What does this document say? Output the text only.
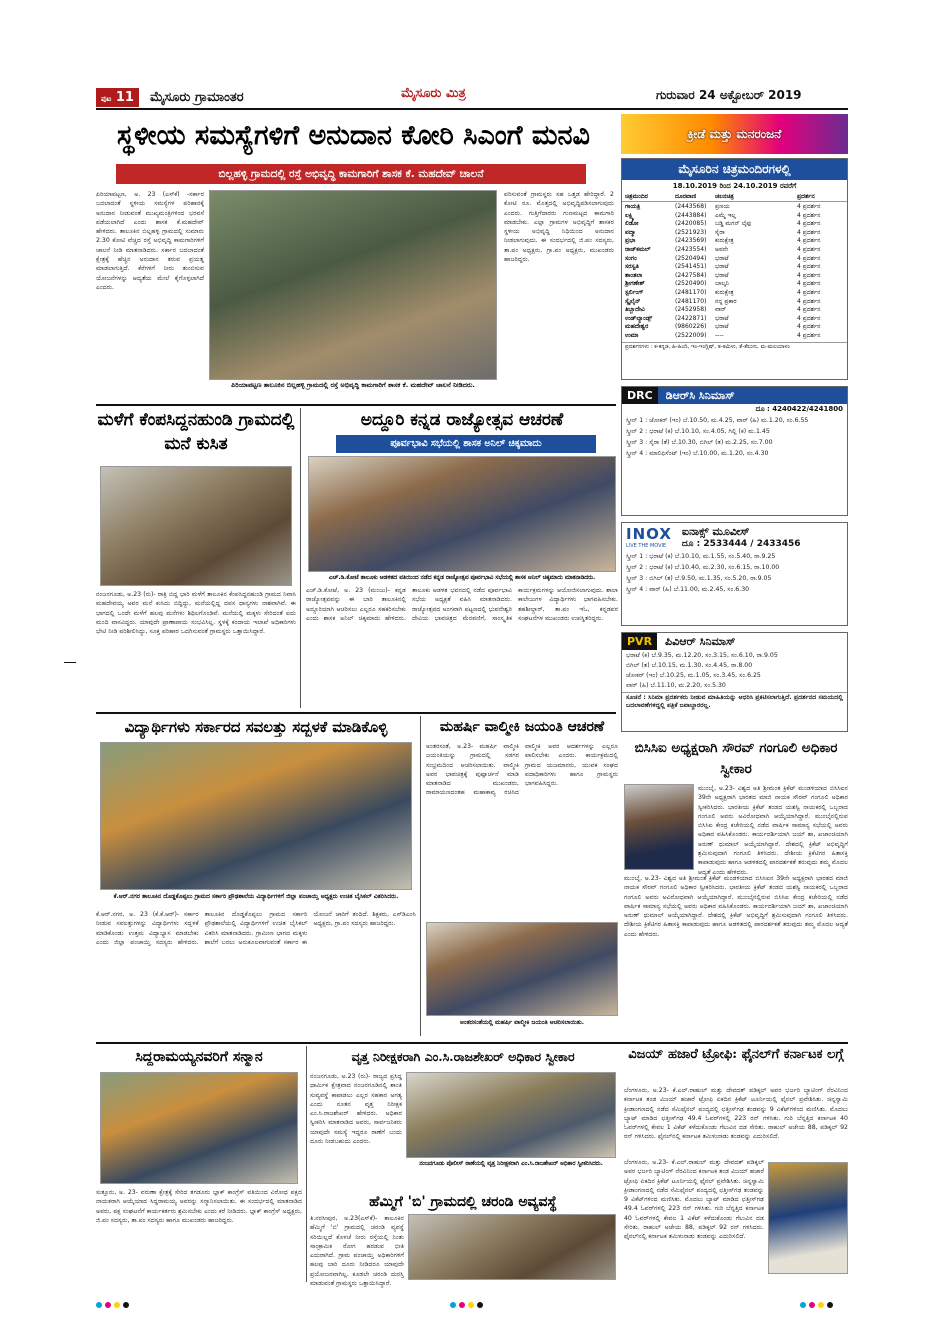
ಪುಟ 11 ಮೈಸೂರು ಗ್ರಾಮಾಂತರ	ಮೈಸೂರು ಮಿತ್ರ	ಗುರುವಾರ 24 ಅಕ್ಟೋಬರ್ 2019
ಸ್ಥಳೀಯ ಸಮಸ್ಯೆಗಳಿಗೆ ಅನುದಾನ ಕೋರಿ ಸಿಎಂಗೆ ಮನವಿ
ಬಿಲ್ಲಹಳ್ಳಿ ಗ್ರಾಮದಲ್ಲಿ ರಸ್ತೆ ಅಭಿವೃದ್ಧಿ ಕಾಮಗಾರಿಗೆ ಶಾಸಕ ಕೆ. ಮಹದೇವ್ ಚಾಲನೆ
ಪಿರಿಯಾಪಟ್ಟಣ, ಅ. 23 (ಎಸ್‍ಕೆ) -ಸರ್ಕಾರ ಬದಲಾದಂತೆ ಸ್ಥಳೀಯ ಸಮಸ್ಯೆಗಳ ಪರಿಹಾರಕ್ಕೆ ಅನುದಾನ ನೀಡುವಂತೆ ಮುಖ್ಯಮಂತ್ರಿಗಳಿಂದ ಭರವಸೆ ಪಡೆಯಲಾಗಿದೆ ಎಂದು ಶಾಸಕ ಕೆ.ಮಹದೇವ್ ಹೇಳಿದರು. ತಾಲೂಕಿನ ಬಿಲ್ಲಹಳ್ಳಿ ಗ್ರಾಮದಲ್ಲಿ ಸುಮಾರು 2.30 ಕೋಟಿ ವೆಚ್ಚದ ರಸ್ತೆ ಅಭಿವೃದ್ಧಿ ಕಾಮಗಾರಿಗಳಿಗೆ ಚಾಲನೆ ನೀಡಿ ಮಾತನಾಡಿದರು. ಸರ್ಕಾರ ಬದಲಾದಂತೆ ಕ್ಷೇತ್ರಕ್ಕೆ ಹೆಚ್ಚಿನ ಅನುದಾನ ತರುವ ಪ್ರಯತ್ನ ಮಾಡಲಾಗುತ್ತಿದೆ. ಕೆರೆಗಳಿಗೆ ನೀರು ತುಂಬಿಸುವ ಯೋಜನೆಗಳನ್ನು ಆದ್ಯತೆಯ ಮೇಲೆ ಕೈಗೊಳ್ಳಲಾಗಿದೆ ಎಂದರು.
ಪಿರಿಯಾಪಟ್ಟಣ ತಾಲೂಕಿನ ಬಿಲ್ಲಹಳ್ಳಿ ಗ್ರಾಮದಲ್ಲಿ ರಸ್ತೆ ಅಭಿವೃದ್ಧಿ ಕಾಮಗಾರಿಗೆ ಶಾಸಕ ಕೆ. ಮಹದೇವ್ ಚಾಲನೆ ನೀಡಿದರು.
ಪರಿಸುವಂತೆ ಗ್ರಾಮಸ್ಥರು ಸಹ ಒತ್ತಡ ಹೇರಿದ್ದಾರೆ. 2 ಕೋಟಿ ರೂ. ಮೊತ್ತದಲ್ಲಿ ಅಭಿವೃದ್ಧಿಪಡಿಸಲಾಗುವುದು ಎಂದರು. ಗುತ್ತಿಗೆದಾರರು ಗುಣಮಟ್ಟದ ಕಾಮಗಾರಿ ಮಾಡಬೇಕು. ಎಲ್ಲಾ ಗ್ರಾಮಗಳ ಅಭಿವೃದ್ಧಿಗೆ ಶಾಸಕರ ಸ್ಥಳೀಯ ಅಭಿವೃದ್ಧಿ ನಿಧಿಯಿಂದ ಅನುದಾನ ನೀಡಲಾಗುವುದು. ಈ ಸಂದರ್ಭದಲ್ಲಿ ಜಿ.ಪಂ ಸದಸ್ಯರು, ತಾ.ಪಂ ಅಧ್ಯಕ್ಷರು, ಗ್ರಾ.ಪಂ ಅಧ್ಯಕ್ಷರು, ಮುಖಂಡರು ಹಾಜರಿದ್ದರು.
ಕ್ರೀಡೆ ಮತ್ತು ಮನರಂಜನೆ
ಮೈಸೂರಿನ ಚಿತ್ರಮಂದಿರಗಳಲ್ಲಿ
18.10.2019 ರಿಂದ 24.10.2019 ರವರೆಗೆ
ಚಿತ್ರಮಂದಿರ	ದೂರವಾಣಿ	ಚಲನಚಿತ್ರ	ಪ್ರದರ್ಶನ
ಗಾಯತ್ರಿ	(2443568)	ಪ್ರಣಯ	4 ಪ್ರದರ್ಶನ
ಲಕ್ಷ್ಮಿ	(2443884)	ಎಮ್ಮೆ ಇಲ್ಲ	4 ಪ್ರದರ್ಶನ
ಲಿಡೋ	(2420085)	ಬಡ್ಡಿ ಮಗನ್ ಲೈಫು	4 ಪ್ರದರ್ಶನ
ಪದ್ಮಾ	(2521923)	ಸೈರಾ	4 ಪ್ರದರ್ಶನ
ಪ್ರಭಾ	(2423569)	ಕುರುಕ್ಷೇತ್ರ	4 ಪ್ರದರ್ಶನ
ರಾಜ್‌ಕಮಲ್	(2423554)	ಅವನೇ	4 ಪ್ರದರ್ಶನ
ಸಂಗಂ	(2520494)	ಭರಾಟೆ	4 ಪ್ರದರ್ಶನ
ಸರಸ್ವತಿ	(2541451)	ಭರಾಟೆ	4 ಪ್ರದರ್ಶನ
ಶಾಂತಲಾ	(2427584)	ಭರಾಟೆ	4 ಪ್ರದರ್ಶನ
ಶ್ರೀಗಣೇಶ್	(2520490)	ಬಾಲ್ಕನಿ	4 ಪ್ರದರ್ಶನ
ಸ್ಟರ್ಲಿಂಗ್	(2481170)	ಕುರುಕ್ಷೇತ್ರ	4 ಪ್ರದರ್ಶನ
ಸ್ಕೈಲೈನ್	(2481170)	ನನ್ನ ಪ್ರಕಾರ	4 ಪ್ರದರ್ಶನ
ತಿಬ್ಬಾದೇವಿ	(2452958)	ವಾರ್	4 ಪ್ರದರ್ಶನ
ಉಡ್‌ಲ್ಯಾಂಡ್ಸ್	(2422871)	ಭರಾಟೆ	4 ಪ್ರದರ್ಶನ
ಮಹದೇಶ್ವರ	(9860226)	ಭರಾಟೆ	4 ಪ್ರದರ್ಶನ
ಉಮಾ	(2522009)	----	4 ಪ್ರದರ್ಶನ
ಪ್ರದರ್ಶನಗಳು : ಕ-ಕನ್ನಡ, ಹಿ-ಹಿಂದಿ, ಇಂ-ಇಂಗ್ಲಿಷ್, ತ-ತಮಿಳು, ತೆ-ತೆಲುಗು, ಮ-ಮಲಯಾಳಂ
DRC	ಡಿಆರ್‌ಸಿ ಸಿನಿಮಾಸ್
ದೂ : 4240422/4241800
ಸ್ಕ್ರೀನ್ 1 : ಜೋಕರ್ (ಇಂ) ಬೆ.10.50, ಮ.4.25, ವಾರ್ (ಹಿ) ಮ.1.20, ಸಂ.6.55
ಸ್ಕ್ರೀನ್ 2 : ಭರಾಟೆ (ಕ) ಬೆ.10.10, ಸಂ.4.05, ಗಿಲ್ಲಿ (ಕ) ಮ.1.45
ಸ್ಕ್ರೀನ್ 3 : ಸೈರಾ (ತೆ) ಬೆ.10.30, ಬಿಗಿಲ್ (ತ) ಮ.2.25, ಸಂ.7.00
ಸ್ಕ್ರೀನ್ 4 : ಮಾಲಿಫಿಸೆಂಟ್ (ಇಂ) ಬೆ.10.00, ಮ.1.20, ಸಂ.4.30
INOX
LIVE THE MOVIE
ಐನಾಕ್ಸ್ ಮೂವೀಸ್
ದೂ : 2533444 / 2433456
ಸ್ಕ್ರೀನ್ 1 : ಭರಾಟೆ (ಕ) ಬೆ.10.10, ಮ.1.55, ಸಂ.5.40, ರಾ.9.25
ಸ್ಕ್ರೀನ್ 2 : ಭರಾಟೆ (ಕ) ಬೆ.10.40, ಮ.2.30, ಸಂ.6.15, ರಾ.10.00
ಸ್ಕ್ರೀನ್ 3 : ಬಿಗಿಲ್ (ತ) ಬೆ.9.50, ಮ.1.35, ಸಂ.5.20, ರಾ.9.05
ಸ್ಕ್ರೀನ್ 4 : ವಾರ್ (ಹಿ) ಬೆ.11.00, ಮ.2.45, ಸಂ.6.30
PVR	ಪಿವಿಆರ್ ಸಿನಿಮಾಸ್
ಭರಾಟೆ (ಕ) ಬೆ.9.35, ಮ.12.20, ಸಂ.3.15, ಸಂ.6.10, ರಾ.9.05
ಬಿಗಿಲ್ (ತ) ಬೆ.10.15, ಮ.1.30, ಸಂ.4.45, ರಾ.8.00
ಜೋಕರ್ (ಇಂ) ಬೆ.10.25, ಮ.1.05, ಸಂ.3.45, ಸಂ.6.25
ವಾರ್ (ಹಿ) ಬೆ.11.10, ಮ.2.20, ಸಂ.5.30
ಸೂಚನೆ : ಸಿನಿಮಾ ಪ್ರದರ್ಶಕರು ನೀಡುವ ಮಾಹಿತಿಯನ್ನು ಆಧರಿಸಿ ಪ್ರಕಟಿಸಲಾಗುತ್ತಿದೆ. ಪ್ರದರ್ಶನದ ಸಮಯದಲ್ಲಿ ಬದಲಾವಣೆಗಳಿದ್ದಲ್ಲಿ ಪತ್ರಿಕೆ ಜವಾಬ್ದಾರರಲ್ಲ.
ಮಳೆಗೆ ಕೆಂಪಸಿದ್ದನಹುಂಡಿ ಗ್ರಾಮದಲ್ಲಿ ಮನೆ ಕುಸಿತ
ನಂಜನಗೂಡು, ಅ.23 (ರು)- ರಾತ್ರಿ ಬಿದ್ದ ಭಾರಿ ಮಳೆಗೆ ತಾಲೂಕಿನ ಕೆಂಪಸಿದ್ದನಹುಂಡಿ ಗ್ರಾಮದ ನಿವಾಸಿ ಮಹದೇವಯ್ಯ ಅವರ ಮನೆ ಕುಸಿದು ಬಿದ್ದಿದ್ದು, ಮನೆಯಲ್ಲಿದ್ದ ದವಸ ಧಾನ್ಯಗಳು ನಾಶವಾಗಿವೆ. ಈ ಭಾಗದಲ್ಲಿ ಒಂದೇ ಮಳೆಗೆ ಹಲವು ಮನೆಗಳು ಶಿಥಿಲಗೊಂಡಿವೆ. ಮನೆಯಲ್ಲಿ ಮಕ್ಕಳು ಸೇರಿದಂತೆ ಐದು ಮಂದಿ ವಾಸವಿದ್ದರು. ಯಾವುದೇ ಪ್ರಾಣಾಪಾಯ ಸಂಭವಿಸಿಲ್ಲ. ಸ್ಥಳಕ್ಕೆ ಕಂದಾಯ ಇಲಾಖೆ ಅಧಿಕಾರಿಗಳು ಭೇಟಿ ನೀಡಿ ಪರಿಶೀಲಿಸಿದ್ದು, ಸೂಕ್ತ ಪರಿಹಾರ ಒದಗಿಸುವಂತೆ ಗ್ರಾಮಸ್ಥರು ಒತ್ತಾಯಿಸಿದ್ದಾರೆ.
ಅದ್ದೂರಿ ಕನ್ನಡ ರಾಜ್ಯೋತ್ಸವ ಆಚರಣೆ
ಪೂರ್ವಭಾವಿ ಸಭೆಯಲ್ಲಿ ಶಾಸಕ ಅನಿಲ್ ಚಿಕ್ಕಮಾದು
ಎಚ್.ಡಿ.ಕೋಟೆ ತಾಲೂಕು ಆಡಳಿತದ ವತಿಯಿಂದ ನಡೆದ ಕನ್ನಡ ರಾಜ್ಯೋತ್ಸವ ಪೂರ್ವಭಾವಿ ಸಭೆಯಲ್ಲಿ ಶಾಸಕ ಅನಿಲ್ ಚಿಕ್ಕಮಾದು ಮಾತನಾಡಿದರು.
ಎಚ್.ಡಿ.ಕೋಟೆ, ಅ. 23 (ಮಂಜು)- ಕನ್ನಡ ರಾಜ್ಯೋತ್ಸವವನ್ನು ಈ ಬಾರಿ ತಾಲೂಕಿನಲ್ಲಿ ಅದ್ದೂರಿಯಾಗಿ ಆಚರಿಸಲು ಎಲ್ಲರೂ ಸಹಕರಿಸಬೇಕು ಎಂದು ಶಾಸಕ ಅನಿಲ್ ಚಿಕ್ಕಮಾದು ಹೇಳಿದರು. ತಾಲೂಕು ಆಡಳಿತ ಭವನದಲ್ಲಿ ನಡೆದ ಪೂರ್ವಭಾವಿ ಸಭೆಯ ಅಧ್ಯಕ್ಷತೆ ವಹಿಸಿ ಮಾತನಾಡಿದರು. ರಾಜ್ಯೋತ್ಸವದ ಅಂಗವಾಗಿ ಪಟ್ಟಣದಲ್ಲಿ ಭುವನೇಶ್ವರಿ ದೇವಿಯ ಭಾವಚಿತ್ರದ ಮೆರವಣಿಗೆ, ಸಾಂಸ್ಕೃತಿಕ ಕಾರ್ಯಕ್ರಮಗಳನ್ನು ಆಯೋಜಿಸಲಾಗುವುದು. ಶಾಲಾ ಕಾಲೇಜುಗಳ ವಿದ್ಯಾರ್ಥಿಗಳು ಭಾಗವಹಿಸಬೇಕು. ತಹಶೀಲ್ದಾರ್, ತಾ.ಪಂ ಇಓ, ಕನ್ನಡಪರ ಸಂಘಟನೆಗಳ ಮುಖಂಡರು ಉಪಸ್ಥಿತರಿದ್ದರು.
ವಿದ್ಯಾರ್ಥಿಗಳು ಸರ್ಕಾರದ ಸವಲತ್ತು ಸದ್ಬಳಕೆ ಮಾಡಿಕೊಳ್ಳಿ
ಕೆ.ಆರ್.ನಗರ ತಾಲೂಕಿನ ದೊಡ್ಡಕೊಪ್ಪಲು ಗ್ರಾಮದ ಸರ್ಕಾರಿ ಪ್ರೌಢಶಾಲೆಯ ವಿದ್ಯಾರ್ಥಿಗಳಿಗೆ ಜಿಲ್ಲಾ ಪಂಚಾಯ್ತಿ ಅಧ್ಯಕ್ಷರು ಉಚಿತ ಬೈಸಿಕಲ್ ವಿತರಿಸಿದರು.
ಕೆ.ಆರ್.ನಗರ, ಅ. 23 (ಕೆ.ಕೆ.ಆರ್)- ಸರ್ಕಾರ ನೀಡುವ ಸವಲತ್ತುಗಳನ್ನು ವಿದ್ಯಾರ್ಥಿಗಳು ಸದ್ಬಳಕೆ ಮಾಡಿಕೊಂಡು ಉತ್ತಮ ವಿದ್ಯಾಭ್ಯಾಸ ಮಾಡಬೇಕು ಎಂದು ಜಿಲ್ಲಾ ಪಂಚಾಯ್ತಿ ಸದಸ್ಯರು ಹೇಳಿದರು. ತಾಲೂಕಿನ ದೊಡ್ಡಕೊಪ್ಪಲು ಗ್ರಾಮದ ಸರ್ಕಾರಿ ಪ್ರೌಢಶಾಲೆಯಲ್ಲಿ ವಿದ್ಯಾರ್ಥಿಗಳಿಗೆ ಉಚಿತ ಬೈಸಿಕಲ್ ವಿತರಿಸಿ ಮಾತನಾಡಿದರು. ಗ್ರಾಮೀಣ ಭಾಗದ ಮಕ್ಕಳು ಶಾಲೆಗೆ ಬರಲು ಅನುಕೂಲವಾಗುವಂತೆ ಸರ್ಕಾರ ಈ ಯೋಜನೆ ಜಾರಿಗೆ ತಂದಿದೆ. ಶಿಕ್ಷಕರು, ಎಸ್‌ಡಿಎಂಸಿ ಅಧ್ಯಕ್ಷರು, ಗ್ರಾ.ಪಂ ಸದಸ್ಯರು ಹಾಜರಿದ್ದರು.
ಮಹರ್ಷಿ ವಾಲ್ಮೀಕಿ ಜಯಂತಿ ಆಚರಣೆ
ಅಂತರಸಂತೆ, ಅ.23- ಮಹರ್ಷಿ ವಾಲ್ಮೀಕಿ ಜಯಂತಿಯನ್ನು ಗ್ರಾಮದಲ್ಲಿ ಸಡಗರ ಸಂಭ್ರಮದಿಂದ ಆಚರಿಸಲಾಯಿತು. ವಾಲ್ಮೀಕಿ ಅವರ ಭಾವಚಿತ್ರಕ್ಕೆ ಪುಷ್ಪಾರ್ಚನೆ ಮಾಡಿ ಮಾತನಾಡಿದ ಮುಖಂಡರು, ರಾಮಾಯಣದಂತಹ ಮಹಾಕಾವ್ಯ ರಚಿಸಿದ ವಾಲ್ಮೀಕಿ ಅವರ ಆದರ್ಶಗಳನ್ನು ಎಲ್ಲರೂ ಪಾಲಿಸಬೇಕು ಎಂದರು. ಕಾರ್ಯಕ್ರಮದಲ್ಲಿ ಗ್ರಾಮದ ಯಜಮಾನರು, ಯುವಕ ಸಂಘದ ಪದಾಧಿಕಾರಿಗಳು ಹಾಗೂ ಗ್ರಾಮಸ್ಥರು ಭಾಗವಹಿಸಿದ್ದರು.
ಅಂತರಸಂತೆಯಲ್ಲಿ ಮಹರ್ಷಿ ವಾಲ್ಮೀಕಿ ಜಯಂತಿ ಆಚರಿಸಲಾಯಿತು.
ಬಿಸಿಸಿಐ ಅಧ್ಯಕ್ಷರಾಗಿ ಸೌರವ್ ಗಂಗೂಲಿ ಅಧಿಕಾರ ಸ್ವೀಕಾರ
ಮುಂಬೈ, ಅ.23- ವಿಶ್ವದ ಅತಿ ಶ್ರೀಮಂತ ಕ್ರಿಕೆಟ್ ಮಂಡಳಿಯಾದ ಬಿಸಿಸಿಐನ 39ನೇ ಅಧ್ಯಕ್ಷರಾಗಿ ಭಾರತದ ಮಾಜಿ ನಾಯಕ ಸೌರವ್ ಗಂಗೂಲಿ ಅಧಿಕಾರ ಸ್ವೀಕರಿಸಿದರು. ಭಾರತೀಯ ಕ್ರಿಕೆಟ್ ತಂಡದ ಯಶಸ್ವಿ ನಾಯಕರಲ್ಲಿ ಒಬ್ಬರಾದ ಗಂಗೂಲಿ ಅವರು ಅವಿರೋಧವಾಗಿ ಆಯ್ಕೆಯಾಗಿದ್ದಾರೆ. ಮುಂಬೈನಲ್ಲಿರುವ ಬಿಸಿಸಿಐ ಕೇಂದ್ರ ಕಚೇರಿಯಲ್ಲಿ ನಡೆದ ವಾರ್ಷಿಕ ಸಾಮಾನ್ಯ ಸಭೆಯಲ್ಲಿ ಅವರು ಅಧಿಕಾರ ವಹಿಸಿಕೊಂಡರು. ಕಾರ್ಯದರ್ಶಿಯಾಗಿ ಜಯ್ ಶಾ, ಖಜಾಂಚಿಯಾಗಿ ಅರುಣ್ ಧುಮಾಲ್ ಆಯ್ಕೆಯಾಗಿದ್ದಾರೆ. ದೇಶದಲ್ಲಿ ಕ್ರಿಕೆಟ್ ಅಭಿವೃದ್ಧಿಗೆ ಶ್ರಮಿಸುವುದಾಗಿ ಗಂಗೂಲಿ ತಿಳಿಸಿದರು. ದೇಶೀಯ ಕ್ರಿಕೆಟಿಗರ ಹಿತಾಸಕ್ತಿ ಕಾಪಾಡುವುದು ಹಾಗೂ ಆಡಳಿತದಲ್ಲಿ ಪಾರದರ್ಶಕತೆ ತರುವುದು ತಮ್ಮ ಮೊದಲ ಆದ್ಯತೆ ಎಂದು ಹೇಳಿದರು.
ಮುಂಬೈ, ಅ.23- ವಿಶ್ವದ ಅತಿ ಶ್ರೀಮಂತ ಕ್ರಿಕೆಟ್ ಮಂಡಳಿಯಾದ ಬಿಸಿಸಿಐನ 39ನೇ ಅಧ್ಯಕ್ಷರಾಗಿ ಭಾರತದ ಮಾಜಿ ನಾಯಕ ಸೌರವ್ ಗಂಗೂಲಿ ಅಧಿಕಾರ ಸ್ವೀಕರಿಸಿದರು. ಭಾರತೀಯ ಕ್ರಿಕೆಟ್ ತಂಡದ ಯಶಸ್ವಿ ನಾಯಕರಲ್ಲಿ ಒಬ್ಬರಾದ ಗಂಗೂಲಿ ಅವರು ಅವಿರೋಧವಾಗಿ ಆಯ್ಕೆಯಾಗಿದ್ದಾರೆ. ಮುಂಬೈನಲ್ಲಿರುವ ಬಿಸಿಸಿಐ ಕೇಂದ್ರ ಕಚೇರಿಯಲ್ಲಿ ನಡೆದ ವಾರ್ಷಿಕ ಸಾಮಾನ್ಯ ಸಭೆಯಲ್ಲಿ ಅವರು ಅಧಿಕಾರ ವಹಿಸಿಕೊಂಡರು. ಕಾರ್ಯದರ್ಶಿಯಾಗಿ ಜಯ್ ಶಾ, ಖಜಾಂಚಿಯಾಗಿ ಅರುಣ್ ಧುಮಾಲ್ ಆಯ್ಕೆಯಾಗಿದ್ದಾರೆ. ದೇಶದಲ್ಲಿ ಕ್ರಿಕೆಟ್ ಅಭಿವೃದ್ಧಿಗೆ ಶ್ರಮಿಸುವುದಾಗಿ ಗಂಗೂಲಿ ತಿಳಿಸಿದರು. ದೇಶೀಯ ಕ್ರಿಕೆಟಿಗರ ಹಿತಾಸಕ್ತಿ ಕಾಪಾಡುವುದು ಹಾಗೂ ಆಡಳಿತದಲ್ಲಿ ಪಾರದರ್ಶಕತೆ ತರುವುದು ತಮ್ಮ ಮೊದಲ ಆದ್ಯತೆ ಎಂದು ಹೇಳಿದರು.
ಸಿದ್ದರಾಮಯ್ಯನವರಿಗೆ ಸನ್ಮಾನ
ಸುತ್ತೂರು, ಅ. 23- ವರುಣಾ ಕ್ಷೇತ್ರಕ್ಕೆ ಸೇರಿದ ತಗಡೂರು ಬ್ಲಾಕ್ ಕಾಂಗ್ರೆಸ್ ವತಿಯಿಂದ ವಿರೋಧ ಪಕ್ಷದ ನಾಯಕರಾಗಿ ಆಯ್ಕೆಯಾದ ಸಿದ್ದರಾಮಯ್ಯ ಅವರನ್ನು ಸನ್ಮಾನಿಸಲಾಯಿತು. ಈ ಸಂದರ್ಭದಲ್ಲಿ ಮಾತನಾಡಿದ ಅವರು, ಪಕ್ಷ ಸಂಘಟನೆಗೆ ಕಾರ್ಯಕರ್ತರು ಶ್ರಮಿಸಬೇಕು ಎಂದು ಕರೆ ನೀಡಿದರು. ಬ್ಲಾಕ್ ಕಾಂಗ್ರೆಸ್ ಅಧ್ಯಕ್ಷರು, ಜಿ.ಪಂ ಸದಸ್ಯರು, ತಾ.ಪಂ ಸದಸ್ಯರು ಹಾಗೂ ಮುಖಂಡರು ಹಾಜರಿದ್ದರು.
ವೃತ್ತ ನಿರೀಕ್ಷಕರಾಗಿ ಎಂ.ಸಿ.ರಾಜಶೇಖರ್ ಅಧಿಕಾರ ಸ್ವೀಕಾರ
ನಂಜನಗೂಡು, ಅ.23 (ರು)- ರಾಜ್ಯದ ಪ್ರಸಿದ್ಧ ಧಾರ್ಮಿಕ ಕ್ಷೇತ್ರವಾದ ನಂಜನಗೂಡಿನಲ್ಲಿ ಶಾಂತಿ ಸುವ್ಯವಸ್ಥೆ ಕಾಪಾಡಲು ಎಲ್ಲರ ಸಹಕಾರ ಅಗತ್ಯ ಎಂದು ನೂತನ ವೃತ್ತ ನಿರೀಕ್ಷಕ ಎಂ.ಸಿ.ರಾಜಶೇಖರ್ ಹೇಳಿದರು. ಅಧಿಕಾರ ಸ್ವೀಕರಿಸಿ ಮಾತನಾಡಿದ ಅವರು, ಸಾರ್ವಜನಿಕರು ಯಾವುದೇ ಸಮಸ್ಯೆ ಇದ್ದರೂ ಠಾಣೆಗೆ ಬಂದು ದೂರು ನೀಡಬಹುದು ಎಂದರು.
ನಂಜನಗೂಡು ಪೊಲೀಸ್ ಠಾಣೆಯಲ್ಲಿ ವೃತ್ತ ನಿರೀಕ್ಷಕರಾಗಿ ಎಂ.ಸಿ.ರಾಜಶೇಖರ್ ಅಧಿಕಾರ ಸ್ವೀಕರಿಸಿದರು.
ಹೆಮ್ಮಿಗೆ 'ಬಿ' ಗ್ರಾಮದಲ್ಲಿ ಚರಂಡಿ ಅವ್ಯವಸ್ಥೆ
ತಿ.ನರಸೀಪುರ, ಅ.23(ಎಸ್‌ಕೆ)- ತಾಲೂಕಿನ ಹೆಮ್ಮಿಗೆ 'ಬಿ' ಗ್ರಾಮದಲ್ಲಿ ಚರಂಡಿ ವ್ಯವಸ್ಥೆ ಸರಿಯಿಲ್ಲದೆ ಕೊಳಚೆ ನೀರು ರಸ್ತೆಯಲ್ಲಿ ನಿಂತು ಸಾಂಕ್ರಾಮಿಕ ರೋಗ ಹರಡುವ ಭೀತಿ ಎದುರಾಗಿದೆ. ಗ್ರಾಮ ಪಂಚಾಯ್ತಿ ಅಧಿಕಾರಿಗಳಿಗೆ ಹಲವು ಬಾರಿ ದೂರು ನೀಡಿದರೂ ಯಾವುದೇ ಪ್ರಯೋಜನವಾಗಿಲ್ಲ. ಕೂಡಲೇ ಚರಂಡಿ ದುರಸ್ತಿ ಮಾಡುವಂತೆ ಗ್ರಾಮಸ್ಥರು ಒತ್ತಾಯಿಸಿದ್ದಾರೆ.
ವಿಜಯ್ ಹಜಾರೆ ಟ್ರೋಫಿ: ಫೈನಲ್‌ಗೆ ಕರ್ನಾಟಕ ಲಗ್ಗೆ
ಬೆಂಗಳೂರು, ಅ.23- ಕೆ.ಎಲ್.ರಾಹುಲ್ ಮತ್ತು ದೇವದತ್ ಪಡಿಕ್ಕಲ್ ಅವರ ಭರ್ಜರಿ ಬ್ಯಾಟಿಂಗ್ ನೆರವಿನಿಂದ ಕರ್ನಾಟಕ ತಂಡ ವಿಜಯ್ ಹಜಾರೆ ಟ್ರೋಫಿ ಏಕದಿನ ಕ್ರಿಕೆಟ್ ಟೂರ್ನಿಯಲ್ಲಿ ಫೈನಲ್ ಪ್ರವೇಶಿಸಿತು. ಚಿನ್ನಸ್ವಾಮಿ ಕ್ರೀಡಾಂಗಣದಲ್ಲಿ ನಡೆದ ಸೆಮಿಫೈನಲ್ ಪಂದ್ಯದಲ್ಲಿ ಛತ್ತೀಸ್‌ಗಢ ತಂಡವನ್ನು 9 ವಿಕೆಟ್‌ಗಳಿಂದ ಮಣಿಸಿತು. ಮೊದಲು ಬ್ಯಾಟ್ ಮಾಡಿದ ಛತ್ತೀಸ್‌ಗಢ 49.4 ಓವರ್‌ಗಳಲ್ಲಿ 223 ರನ್ ಗಳಿಸಿತು. ಗುರಿ ಬೆನ್ನತ್ತಿದ ಕರ್ನಾಟಕ 40 ಓವರ್‌ಗಳಲ್ಲಿ ಕೇವಲ 1 ವಿಕೆಟ್ ಕಳೆದುಕೊಂಡು ಗೆಲುವಿನ ದಡ ಸೇರಿತು. ರಾಹುಲ್ ಅಜೇಯ 88, ಪಡಿಕ್ಕಲ್ 92 ರನ್ ಗಳಿಸಿದರು. ಫೈನಲ್‌ನಲ್ಲಿ ಕರ್ನಾಟಕ ತಮಿಳುನಾಡು ತಂಡವನ್ನು ಎದುರಿಸಲಿದೆ.
ಬೆಂಗಳೂರು, ಅ.23- ಕೆ.ಎಲ್.ರಾಹುಲ್ ಮತ್ತು ದೇವದತ್ ಪಡಿಕ್ಕಲ್ ಅವರ ಭರ್ಜರಿ ಬ್ಯಾಟಿಂಗ್ ನೆರವಿನಿಂದ ಕರ್ನಾಟಕ ತಂಡ ವಿಜಯ್ ಹಜಾರೆ ಟ್ರೋಫಿ ಏಕದಿನ ಕ್ರಿಕೆಟ್ ಟೂರ್ನಿಯಲ್ಲಿ ಫೈನಲ್ ಪ್ರವೇಶಿಸಿತು. ಚಿನ್ನಸ್ವಾಮಿ ಕ್ರೀಡಾಂಗಣದಲ್ಲಿ ನಡೆದ ಸೆಮಿಫೈನಲ್ ಪಂದ್ಯದಲ್ಲಿ ಛತ್ತೀಸ್‌ಗಢ ತಂಡವನ್ನು 9 ವಿಕೆಟ್‌ಗಳಿಂದ ಮಣಿಸಿತು. ಮೊದಲು ಬ್ಯಾಟ್ ಮಾಡಿದ ಛತ್ತೀಸ್‌ಗಢ 49.4 ಓವರ್‌ಗಳಲ್ಲಿ 223 ರನ್ ಗಳಿಸಿತು. ಗುರಿ ಬೆನ್ನತ್ತಿದ ಕರ್ನಾಟಕ 40 ಓವರ್‌ಗಳಲ್ಲಿ ಕೇವಲ 1 ವಿಕೆಟ್ ಕಳೆದುಕೊಂಡು ಗೆಲುವಿನ ದಡ ಸೇರಿತು. ರಾಹುಲ್ ಅಜೇಯ 88, ಪಡಿಕ್ಕಲ್ 92 ರನ್ ಗಳಿಸಿದರು. ಫೈನಲ್‌ನಲ್ಲಿ ಕರ್ನಾಟಕ ತಮಿಳುನಾಡು ತಂಡವನ್ನು ಎದುರಿಸಲಿದೆ.
